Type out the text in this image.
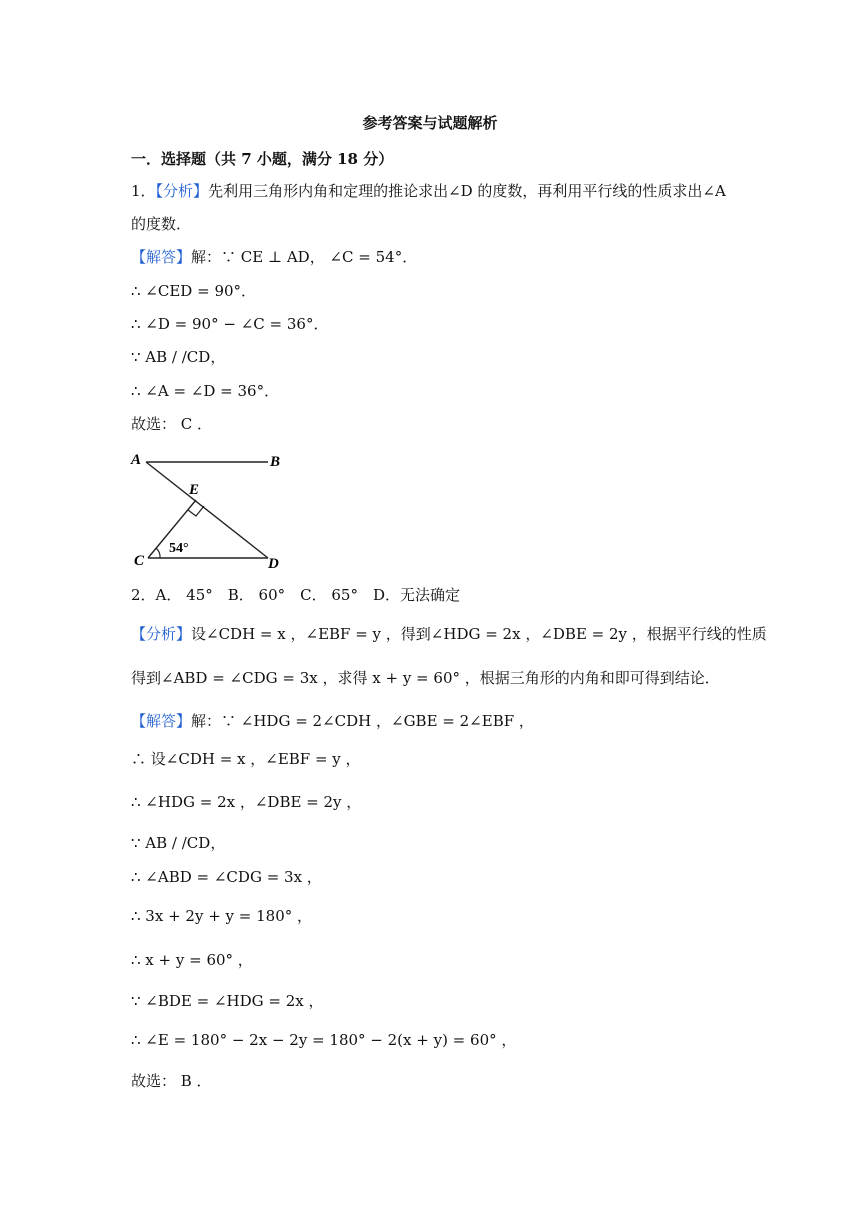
参考答案与试题解析
一．选择题（共 7 小题，满分 18 分）
1．【分析】先利用三角形内角和定理的推论求出∠D 的度数，再利用平行线的性质求出∠A
的度数．
【解答】解：∵ CE ⊥ AD， ∠C = 54°．
∴ ∠CED = 90°．
∴ ∠D = 90° − ∠C = 36°．
∵ AB / /CD，
∴ ∠A = ∠D = 36°．
故选： C ．
A	B
E
C	D
54°
2．A． 45°　B． 60°　C． 65°　D．无法确定
【分析】设∠CDH = x ，∠EBF = y ，得到∠HDG = 2x ，∠DBE = 2y ，根据平行线的性质
得到∠ABD = ∠CDG = 3x ，求得 x + y = 60° ，根据三角形的内角和即可得到结论．
【解答】解：∵ ∠HDG = 2∠CDH ，∠GBE = 2∠EBF ，
∴ 设∠CDH = x ，∠EBF = y ，
∴ ∠HDG = 2x ，∠DBE = 2y ，
∵ AB / /CD，
∴ ∠ABD = ∠CDG = 3x ，
∴ 3x + 2y + y = 180° ，
∴ x + y = 60° ，
∵ ∠BDE = ∠HDG = 2x ，
∴ ∠E = 180° − 2x − 2y = 180° − 2(x + y) = 60° ，
故选： B ．
